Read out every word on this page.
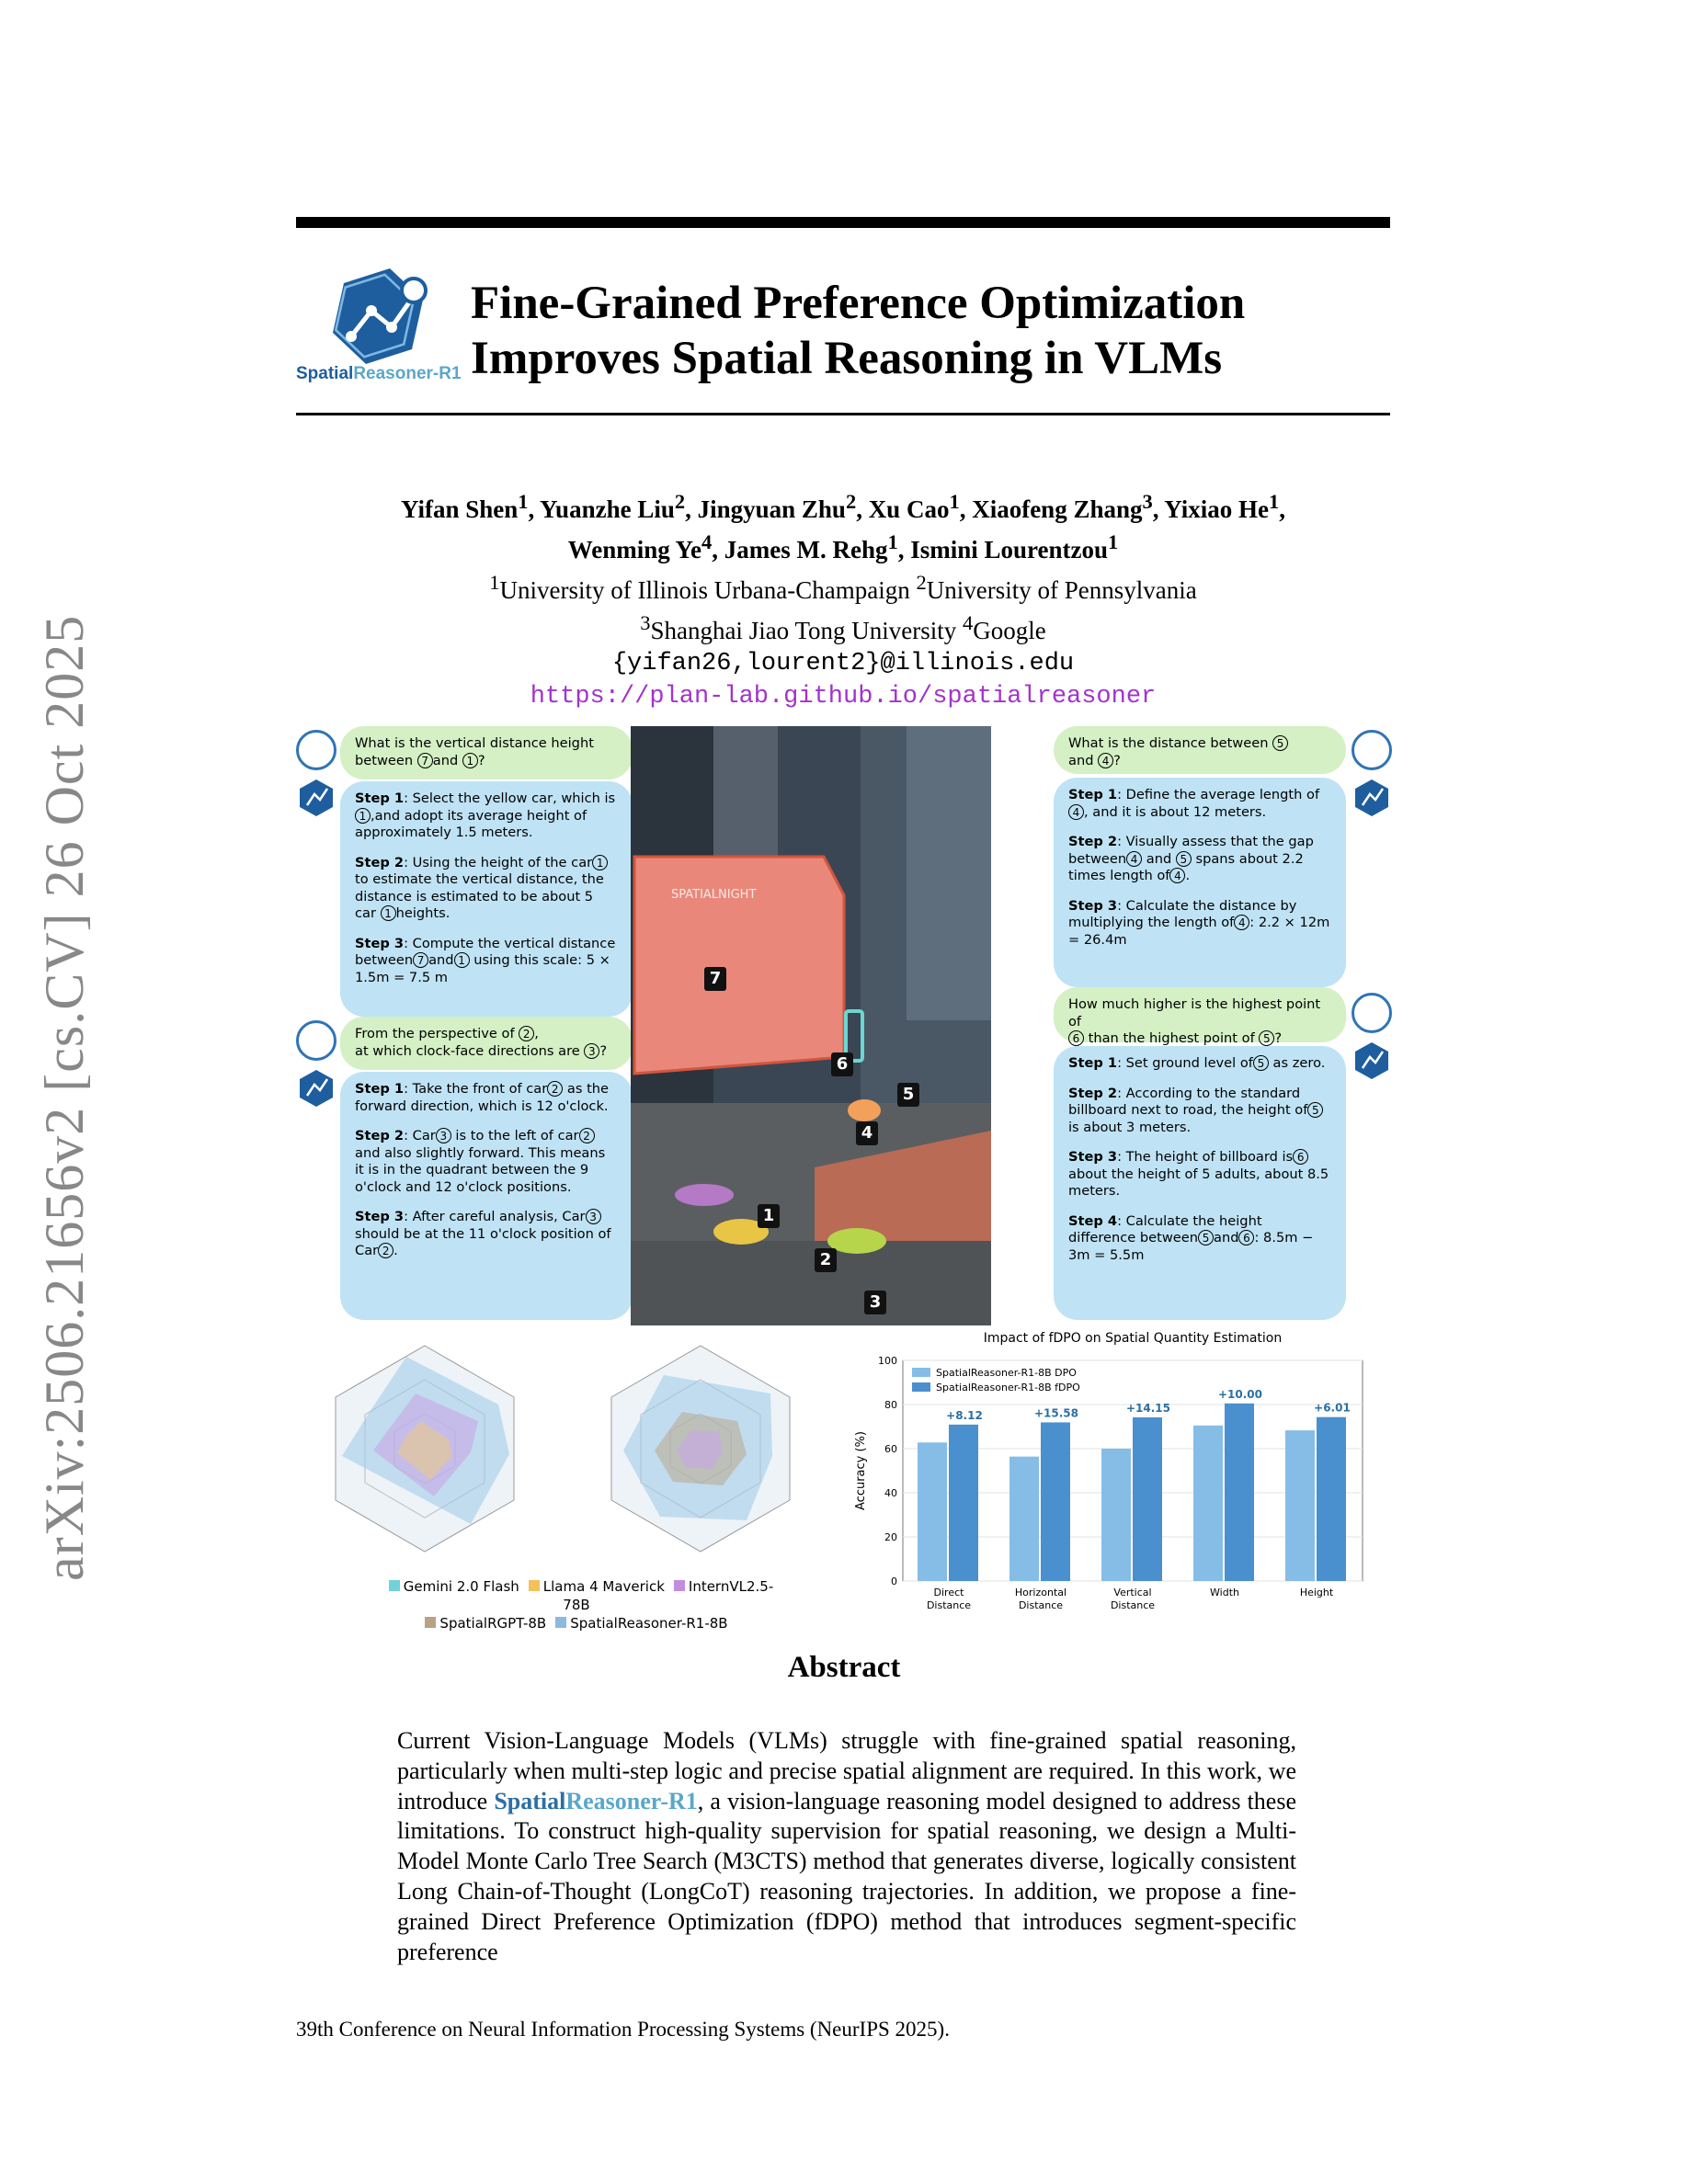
arXiv:2506.21656v2 [cs.CV] 26 Oct 2025
SpatialReasoner-R1
Fine-Grained Preference Optimization
Improves Spatial Reasoning in VLMs
Yifan Shen$^1$, Yuanzhe Liu$^2$, Jingyuan Zhu$^2$, Xu Cao$^1$, Xiaofeng Zhang$^3$, Yixiao He$^1$,
Wenming Ye$^4$, James M. Rehg$^1$, Ismini Lourentzou$^1$
$^1$University of Illinois Urbana-Champaign $^2$University of Pennsylvania
$^3$Shanghai Jiao Tong University $^4$Google
{yifan26,lourent2}@illinois.edu
https://plan-lab.github.io/spatialreasoner
What is the vertical distance height
between 7 and 1 ?
Step 1: Select the yellow car, which is1 ,and adopt its average height of approximately 1.5 meters.
Step 2: Using the height of the car 1 to estimate the vertical distance, the distance is estimated to be about 5 car 1 heights.
Step 3: Compute the vertical distance between 7 and 1 using this scale: 5 × 1.5m = 7.5 m
From the perspective of 2 ,
at which clock-face directions are 3 ?
Step 1: Take the front of car 2 as the forward direction, which is 12 o'clock.
Step 2: Car 3 is to the left of car 2 and also slightly forward. This means it is in the quadrant between the 9 o'clock and 12 o'clock positions.
Step 3: After careful analysis, Car 3 should be at the 11 o'clock position of Car 2 .
7
6
5
4
1
2
3
SPATIALNIGHT
What is the distance between 5
and 4 ?
Step 1: Define the average length of4 , and it is about 12 meters.
Step 2: Visually assess that the gap between 4 and 5 spans about 2.2 times length of 4 .
Step 3: Calculate the distance by multiplying the length of 4 : 2.2 × 12m = 26.4m
How much higher is the highest point of
6 than the highest point of 5 ?
Step 1: Set ground level of 5 as zero.
Step 2: According to the standard billboard next to road, the height of 5 is about 3 meters.
Step 3: The height of billboard is 6 about the height of 5 adults, about 8.5 meters.
Step 4: Calculate the height difference between 5 and 6 : 8.5m − 3m = 5.5m
Gemini 2.0 Flash Llama 4 Maverick InternVL2.5-78B
SpatialRGPT-8B SpatialReasoner-R1-8B
Impact of fDPO on Spatial Quantity Estimation
0
20
40
60
80
100
Accuracy (%)
+8.12
Direct
Distance
+15.58
Horizontal
Distance
+14.15
Vertical
Distance
+10.00
Width
+6.01
Height
SpatialReasoner-R1-8B DPO
SpatialReasoner-R1-8B fDPO
Abstract
Current Vision-Language Models (VLMs) struggle with fine-grained spatial reasoning, particularly when multi-step logic and precise spatial alignment are required. In this work, we introduce SpatialReasoner-R1, a vision-language reasoning model designed to address these limitations. To construct high-quality supervision for spatial reasoning, we design a Multi-Model Monte Carlo Tree Search (M3CTS) method that generates diverse, logically consistent Long Chain-of-Thought (LongCoT) reasoning trajectories. In addition, we propose a fine-grained Direct Preference Optimization (fDPO) method that introduces segment-specific preference
39th Conference on Neural Information Processing Systems (NeurIPS 2025).
